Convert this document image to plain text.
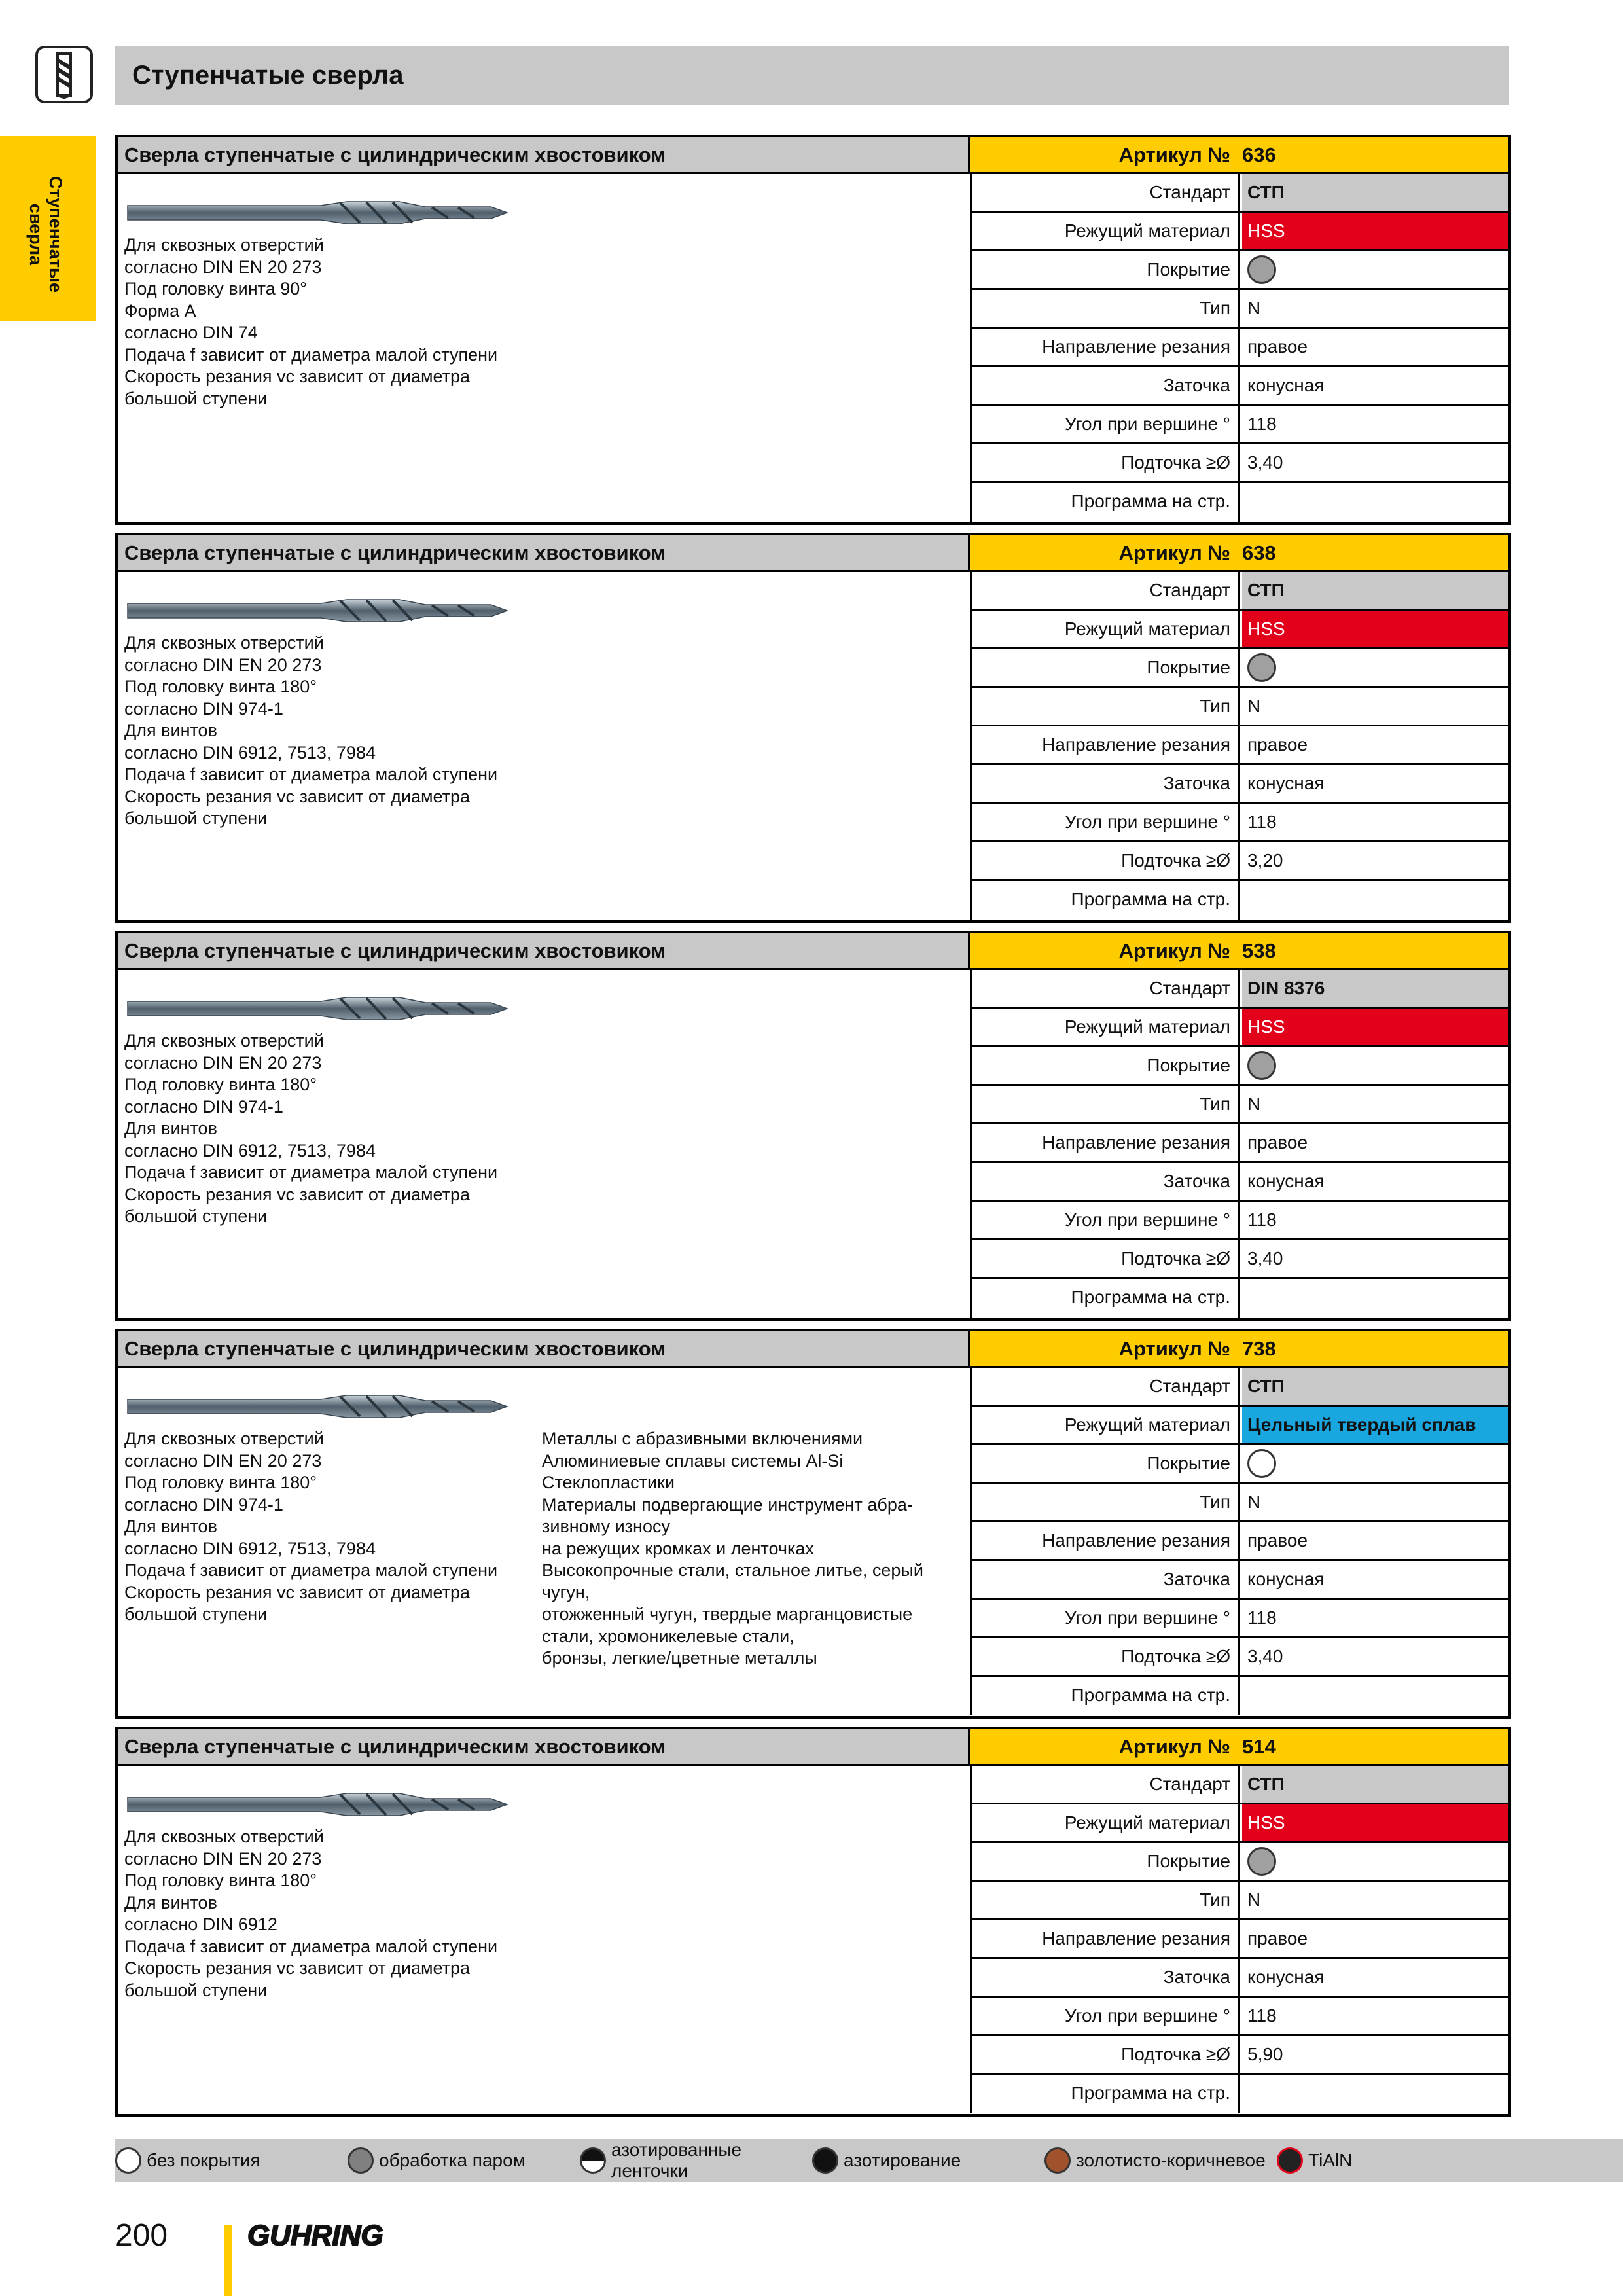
Ступенчатые сверла
Ступенчатые сверла
Сверла ступенчатые с цилиндрическим хвостовиком	Артикул № 636
Для сквозных отверстий
согласно DIN EN 20 273
Под головку винта 90°
Форма А
согласно DIN 74
Подача f зависит от диаметра малой ступени
Скорость резания vc зависит от диаметра
большой ступени
Стандарт СТП
Режущий материал HSS
Покрытие
Тип N
Направление резания правое
Заточка конусная
Угол при вершине ° 118
Подточка ≥Ø 3,40
Программа на стр.
Сверла ступенчатые с цилиндрическим хвостовиком	Артикул № 638
Для сквозных отверстий
согласно DIN EN 20 273
Под головку винта 180°
согласно DIN 974-1
Для винтов
согласно DIN 6912, 7513, 7984
Подача f зависит от диаметра малой ступени
Скорость резания vc зависит от диаметра
большой ступени
Стандарт СТП
Режущий материал HSS
Покрытие
Тип N
Направление резания правое
Заточка конусная
Угол при вершине ° 118
Подточка ≥Ø 3,20
Программа на стр.
Сверла ступенчатые с цилиндрическим хвостовиком	Артикул № 538
Для сквозных отверстий
согласно DIN EN 20 273
Под головку винта 180°
согласно DIN 974-1
Для винтов
согласно DIN 6912, 7513, 7984
Подача f зависит от диаметра малой ступени
Скорость резания vc зависит от диаметра
большой ступени
Стандарт DIN 8376
Режущий материал HSS
Покрытие
Тип N
Направление резания правое
Заточка конусная
Угол при вершине ° 118
Подточка ≥Ø 3,40
Программа на стр.
Сверла ступенчатые с цилиндрическим хвостовиком	Артикул № 738
Для сквозных отверстий
согласно DIN EN 20 273
Под головку винта 180°
согласно DIN 974-1
Для винтов
согласно DIN 6912, 7513, 7984
Подача f зависит от диаметра малой ступени
Скорость резания vc зависит от диаметра
большой ступени
Металлы с абразивными включениями
Алюминиевые сплавы системы Al-Si
Стеклопластики
Материалы подвергающие инструмент абра-
зивному износу
на режущих кромках и ленточках
Высокопрочные стали, стальное литье, серый
чугун,
отожженный чугун, твердые марганцовистые
стали, хромоникелевые стали,
бронзы, легкие/цветные металлы
Стандарт СТП
Режущий материал Цельный твердый сплав
Покрытие
Тип N
Направление резания правое
Заточка конусная
Угол при вершине ° 118
Подточка ≥Ø 3,40
Программа на стр.
Сверла ступенчатые с цилиндрическим хвостовиком	Артикул № 514
Для сквозных отверстий
согласно DIN EN 20 273
Под головку винта 180°
Для винтов
согласно DIN 6912
Подача f зависит от диаметра малой ступени
Скорость резания vc зависит от диаметра
большой ступени
Стандарт СТП
Режущий материал HSS
Покрытие
Тип N
Направление резания правое
Заточка конусная
Угол при вершине ° 118
Подточка ≥Ø 5,90
Программа на стр.
без покрытия	обработка паром
азотированные ленточки
азотирование	золотисто-коричневое TiAlN
200	GUHRING
